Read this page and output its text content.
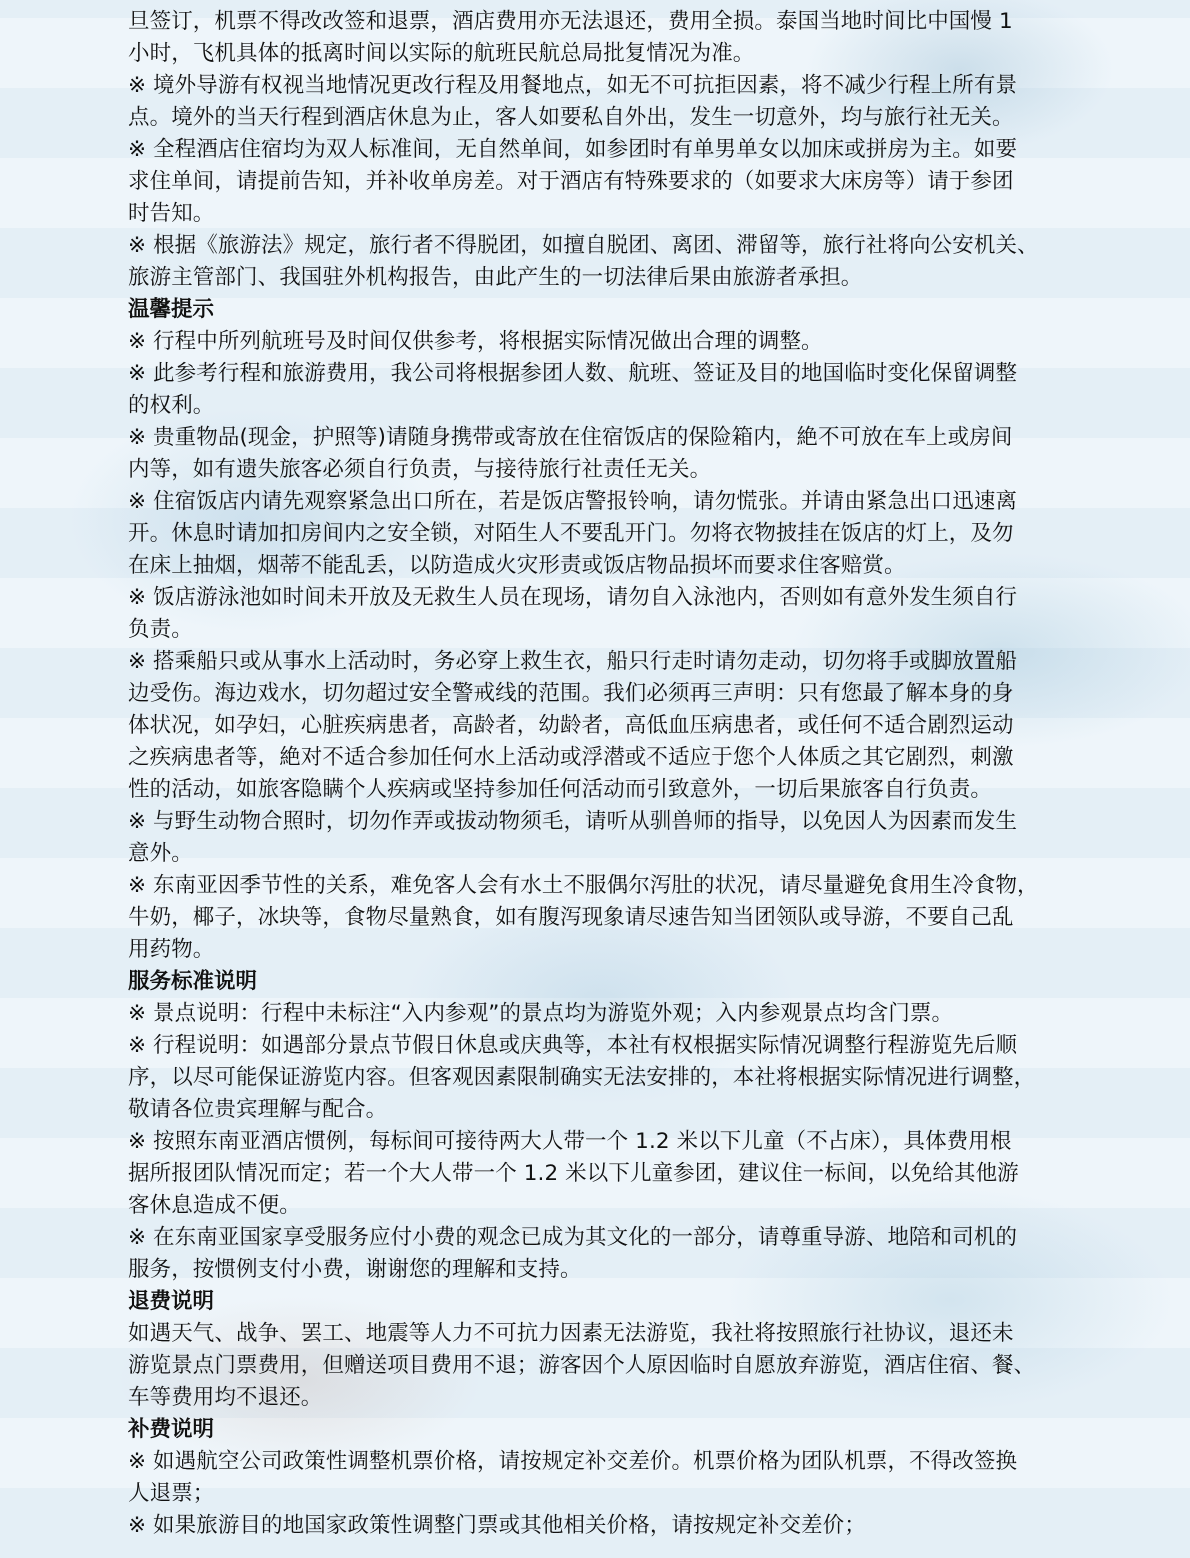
旦签订，机票不得改改签和退票，酒店费用亦无法退还，费用全损。泰国当地时间比中国慢 1
小时，飞机具体的抵离时间以实际的航班民航总局批复情况为准。
※ 境外导游有权视当地情况更改行程及用餐地点，如无不可抗拒因素，将不减少行程上所有景
点。境外的当天行程到酒店休息为止，客人如要私自外出，发生一切意外，均与旅行社无关。
※ 全程酒店住宿均为双人标准间，无自然单间，如参团时有单男单女以加床或拼房为主。如要
求住单间，请提前告知，并补收单房差。对于酒店有特殊要求的（如要求大床房等）请于参团
时告知。
※ 根据《旅游法》规定，旅行者不得脱团，如擅自脱团、离团、滞留等，旅行社将向公安机关、
旅游主管部门、我国驻外机构报告，由此产生的一切法律后果由旅游者承担。
温馨提示
※ 行程中所列航班号及时间仅供参考，将根据实际情况做出合理的调整。
※ 此参考行程和旅游费用，我公司将根据参团人数、航班、签证及目的地国临时变化保留调整
的权利。
※ 贵重物品(现金，护照等)请随身携带或寄放在住宿饭店的保险箱内，絶不可放在车上或房间
内等，如有遗失旅客必须自行负责，与接待旅行社责任无关。
※ 住宿饭店内请先观察紧急出口所在，若是饭店警报铃响，请勿慌张。并请由紧急出口迅速离
开。休息时请加扣房间内之安全锁，对陌生人不要乱开门。勿将衣物披挂在饭店的灯上，及勿
在床上抽烟，烟蒂不能乱丢，以防造成火灾形责或饭店物品损坏而要求住客赔赏。
※ 饭店游泳池如时间未开放及无救生人员在现场，请勿自入泳池内，否则如有意外发生须自行
负责。
※ 搭乘船只或从事水上活动时，务必穿上救生衣，船只行走时请勿走动，切勿将手或脚放置船
边受伤。海边戏水，切勿超过安全警戒线的范围。我们必须再三声明：只有您最了解本身的身
体状况，如孕妇，心脏疾病患者，高龄者，幼龄者，高低血压病患者，或任何不适合剧烈运动
之疾病患者等，絶对不适合参加任何水上活动或浮潜或不适应于您个人体质之其它剧烈，刺激
性的活动，如旅客隐瞒个人疾病或坚持参加任何活动而引致意外，一切后果旅客自行负责。
※ 与野生动物合照时，切勿作弄或拔动物须毛，请听从驯兽师的指导，以免因人为因素而发生
意外。
※ 东南亚因季节性的关系，难免客人会有水土不服偶尔泻肚的状况，请尽量避免食用生冷食物，
牛奶，椰子，冰块等，食物尽量熟食，如有腹泻现象请尽速告知当团领队或导游，不要自己乱
用药物。
服务标准说明
※ 景点说明：行程中未标注“入内参观”的景点均为游览外观；入内参观景点均含门票。
※ 行程说明：如遇部分景点节假日休息或庆典等，本社有权根据实际情况调整行程游览先后顺
序，以尽可能保证游览内容。但客观因素限制确实无法安排的，本社将根据实际情况进行调整，
敬请各位贵宾理解与配合。
※ 按照东南亚酒店惯例，每标间可接待两大人带一个 1.2 米以下儿童（不占床），具体费用根
据所报团队情况而定；若一个大人带一个 1.2 米以下儿童参团，建议住一标间，以免给其他游
客休息造成不便。
※ 在东南亚国家享受服务应付小费的观念已成为其文化的一部分，请尊重导游、地陪和司机的
服务，按惯例支付小费，谢谢您的理解和支持。
退费说明
如遇天气、战争、罢工、地震等人力不可抗力因素无法游览，我社将按照旅行社协议，退还未
游览景点门票费用，但赠送项目费用不退；游客因个人原因临时自愿放弃游览，酒店住宿、餐、
车等费用均不退还。
补费说明
※ 如遇航空公司政策性调整机票价格，请按规定补交差价。机票价格为团队机票，不得改签换
人退票；
※ 如果旅游目的地国家政策性调整门票或其他相关价格，请按规定补交差价；
